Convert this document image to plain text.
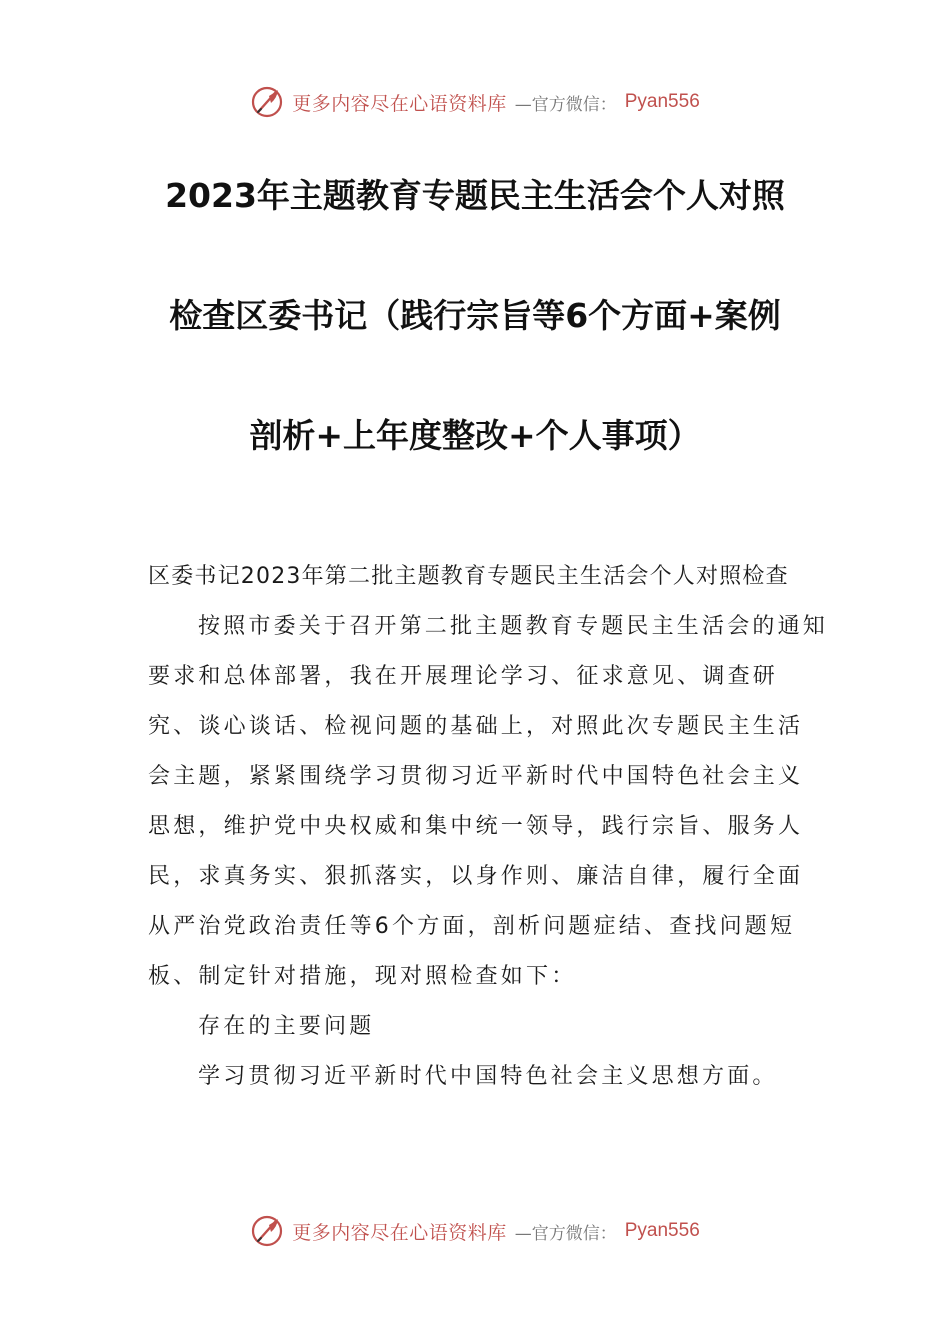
更多内容尽在心语资料库 —官方微信： Pyan556
2023年主题教育专题民主生活会个人对照
检查区委书记（践行宗旨等6个方面+案例
剖析+上年度整改+个人事项）

区委书记2023年第二批主题教育专题民主生活会个人对照检查

按照市委关于召开第二批主题教育专题民主生活会的通知要求和总体部署，我在开展理论学习、征求意见、调查研究、谈心谈话、检视问题的基础上，对照此次专题民主生活会主题，紧紧围绕学习贯彻习近平新时代中国特色社会主义思想，维护党中央权威和集中统一领导，践行宗旨、服务人民，求真务实、狠抓落实，以身作则、廉洁自律，履行全面从严治党政治责任等6个方面，剖析问题症结、查找问题短板、制定针对措施，现对照检查如下：

存在的主要问题

学习贯彻习近平新时代中国特色社会主义思想方面。

更多内容尽在心语资料库 —官方微信： Pyan556
